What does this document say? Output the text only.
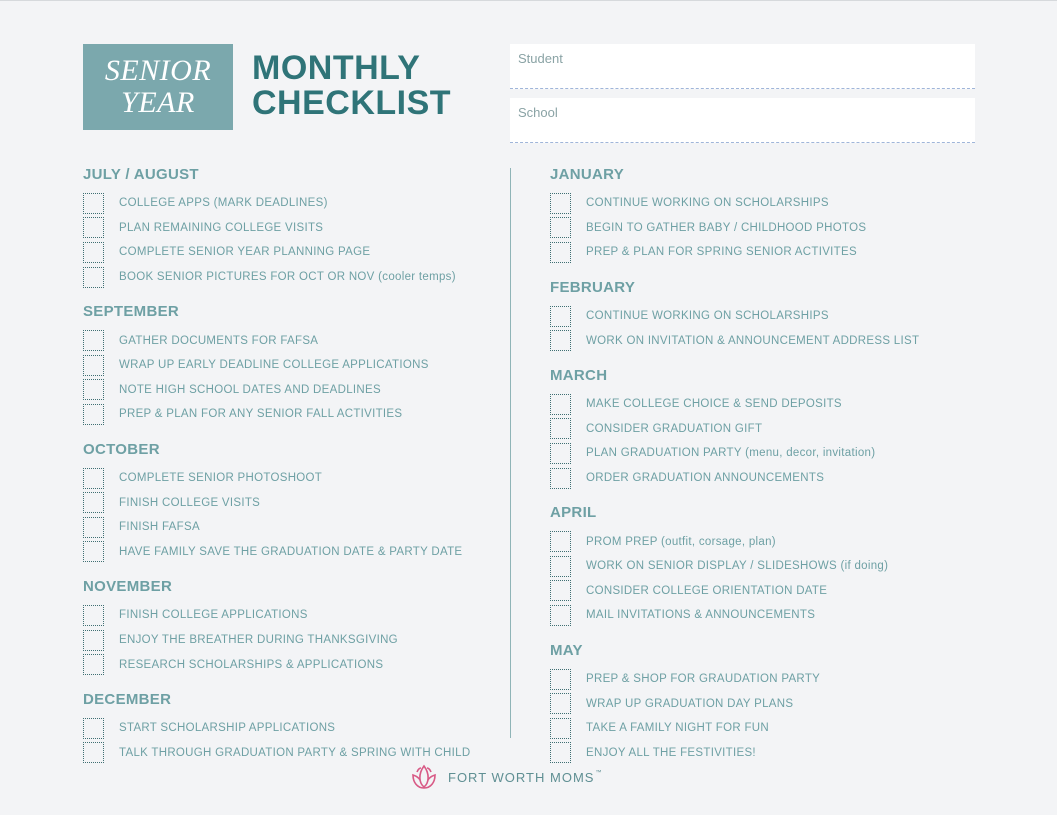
SENIOR
YEAR
MONTHLY
CHECKLIST
Student
School
JULY / AUGUST
COLLEGE APPS (MARK DEADLINES)
PLAN REMAINING COLLEGE VISITS
COMPLETE SENIOR YEAR PLANNING PAGE
BOOK SENIOR PICTURES FOR OCT OR NOV (cooler temps)
SEPTEMBER
GATHER DOCUMENTS FOR FAFSA
WRAP UP EARLY DEADLINE COLLEGE APPLICATIONS
NOTE HIGH SCHOOL DATES AND DEADLINES
PREP & PLAN FOR ANY SENIOR FALL ACTIVITIES
OCTOBER
COMPLETE SENIOR PHOTOSHOOT
FINISH COLLEGE VISITS
FINISH FAFSA
HAVE FAMILY SAVE THE GRADUATION DATE & PARTY DATE
NOVEMBER
FINISH COLLEGE APPLICATIONS
ENJOY THE BREATHER DURING THANKSGIVING
RESEARCH SCHOLARSHIPS & APPLICATIONS
DECEMBER
START SCHOLARSHIP APPLICATIONS
TALK THROUGH GRADUATION PARTY & SPRING WITH CHILD
JANUARY
CONTINUE WORKING ON SCHOLARSHIPS
BEGIN TO GATHER BABY / CHILDHOOD PHOTOS
PREP & PLAN FOR SPRING SENIOR ACTIVITES
FEBRUARY
CONTINUE WORKING ON SCHOLARSHIPS
WORK ON INVITATION & ANNOUNCEMENT ADDRESS LIST
MARCH
MAKE COLLEGE CHOICE & SEND DEPOSITS
CONSIDER GRADUATION GIFT
PLAN GRADUATION PARTY (menu, decor, invitation)
ORDER GRADUATION ANNOUNCEMENTS
APRIL
PROM PREP (outfit, corsage, plan)
WORK ON SENIOR DISPLAY / SLIDESHOWS (if doing)
CONSIDER COLLEGE ORIENTATION DATE
MAIL INVITATIONS & ANNOUNCEMENTS
MAY
PREP & SHOP FOR GRAUDATION PARTY
WRAP UP GRADUATION DAY PLANS
TAKE A FAMILY NIGHT FOR FUN
ENJOY ALL THE FESTIVITIES!
FORT WORTH MOMS™
